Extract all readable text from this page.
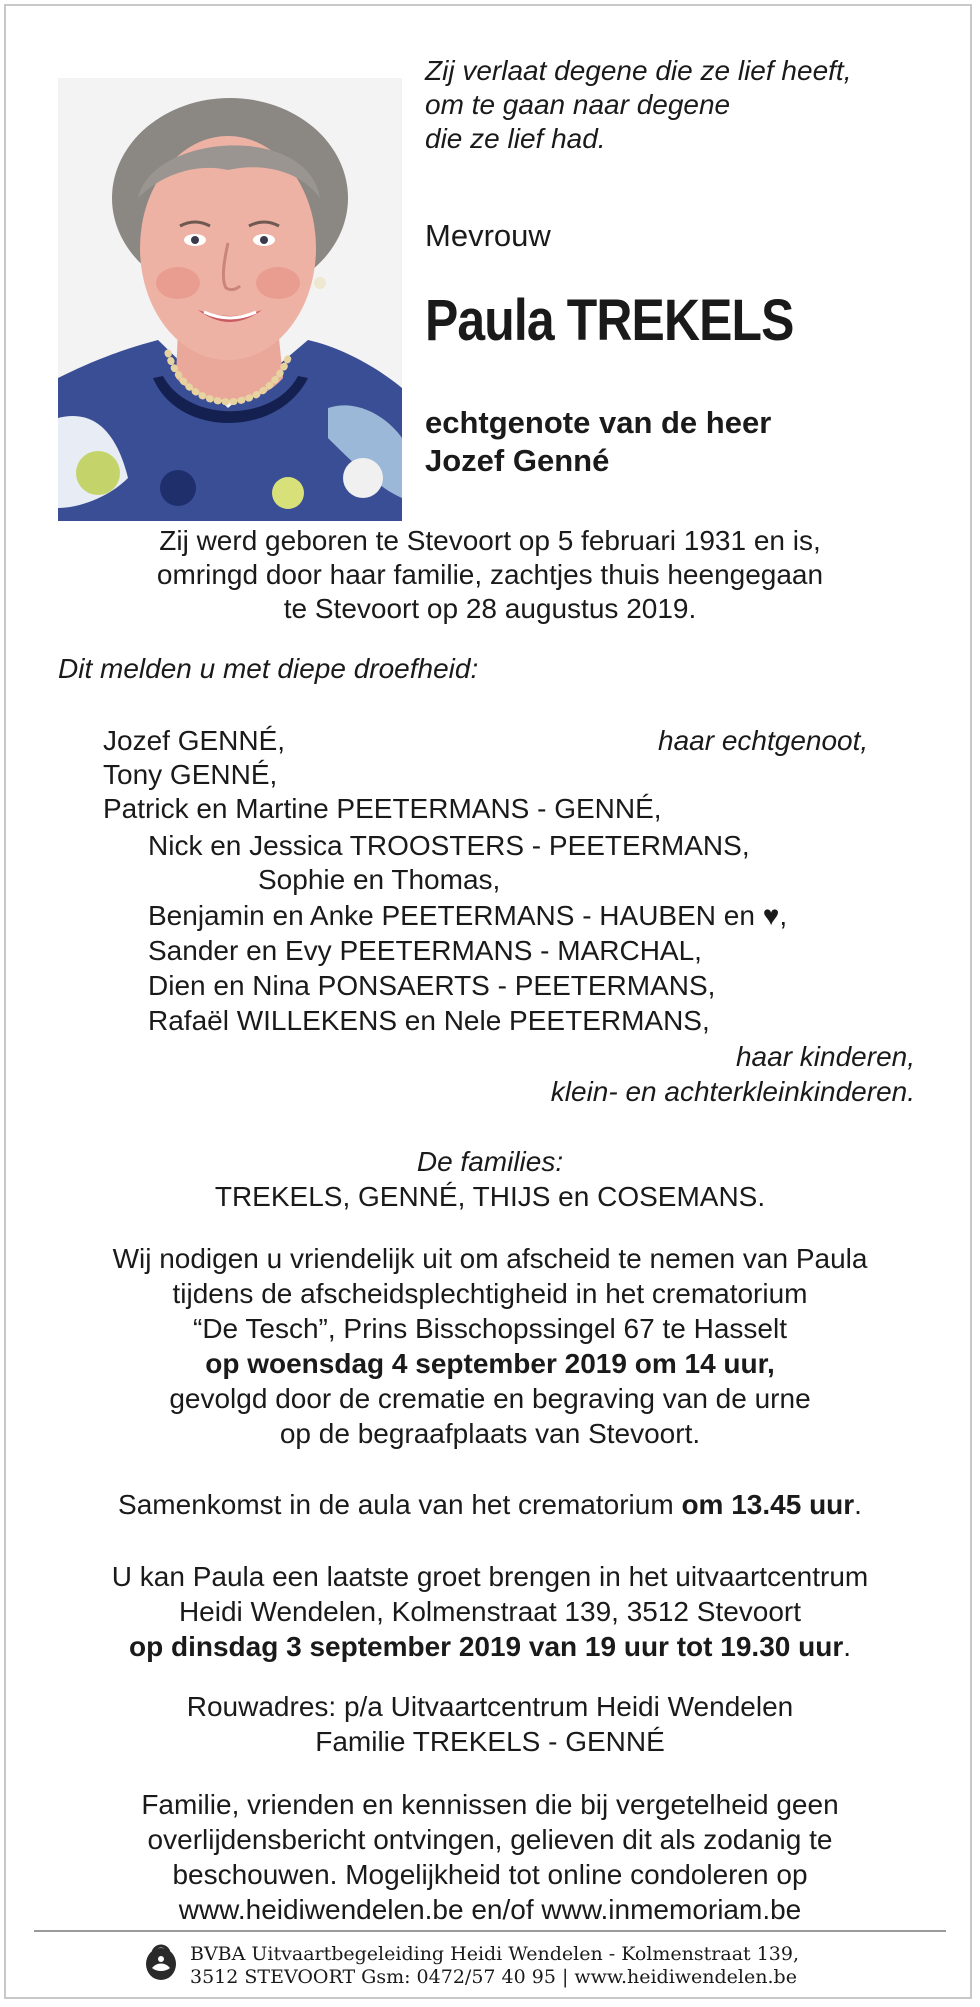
Zij verlaat degene die ze lief heeft,
om te gaan naar degene
die ze lief had.
Mevrouw
Paula TREKELS
echtgenote van de heer
Jozef Genné
Zij werd geboren te Stevoort op 5 februari 1931 en is,
omringd door haar familie, zachtjes thuis heengegaan
te Stevoort op 28 augustus 2019.
Dit melden u met diepe droefheid:
Jozef GENNÉ,	haar echtgenoot,
Tony GENNÉ,
Patrick en Martine PEETERMANS - GENNÉ,
Nick en Jessica TROOSTERS - PEETERMANS,
Sophie en Thomas,
Benjamin en Anke PEETERMANS - HAUBEN en ♥,
Sander en Evy PEETERMANS - MARCHAL,
Dien en Nina PONSAERTS - PEETERMANS,
Rafaël WILLEKENS en Nele PEETERMANS,
haar kinderen,
klein- en achterkleinkinderen.
De families:
TREKELS, GENNÉ, THIJS en COSEMANS.
Wij nodigen u vriendelijk uit om afscheid te nemen van Paula
tijdens de afscheidsplechtigheid in het crematorium
“De Tesch”, Prins Bisschopssingel 67 te Hasselt
op woensdag 4 september 2019 om 14 uur,
gevolgd door de crematie en begraving van de urne
op de begraafplaats van Stevoort.
Samenkomst in de aula van het crematorium om 13.45 uur.
U kan Paula een laatste groet brengen in het uitvaartcentrum
Heidi Wendelen, Kolmenstraat 139, 3512 Stevoort
op dinsdag 3 september 2019 van 19 uur tot 19.30 uur.
Rouwadres: p/a Uitvaartcentrum Heidi Wendelen
Familie TREKELS - GENNÉ
Familie, vrienden en kennissen die bij vergetelheid geen
overlijdensbericht ontvingen, gelieven dit als zodanig te
beschouwen. Mogelijkheid tot online condoleren op
www.heidiwendelen.be en/of www.inmemoriam.be
BVBA Uitvaartbegeleiding Heidi Wendelen - Kolmenstraat 139,
3512 STEVOORT Gsm: 0472/57 40 95 | www.heidiwendelen.be
